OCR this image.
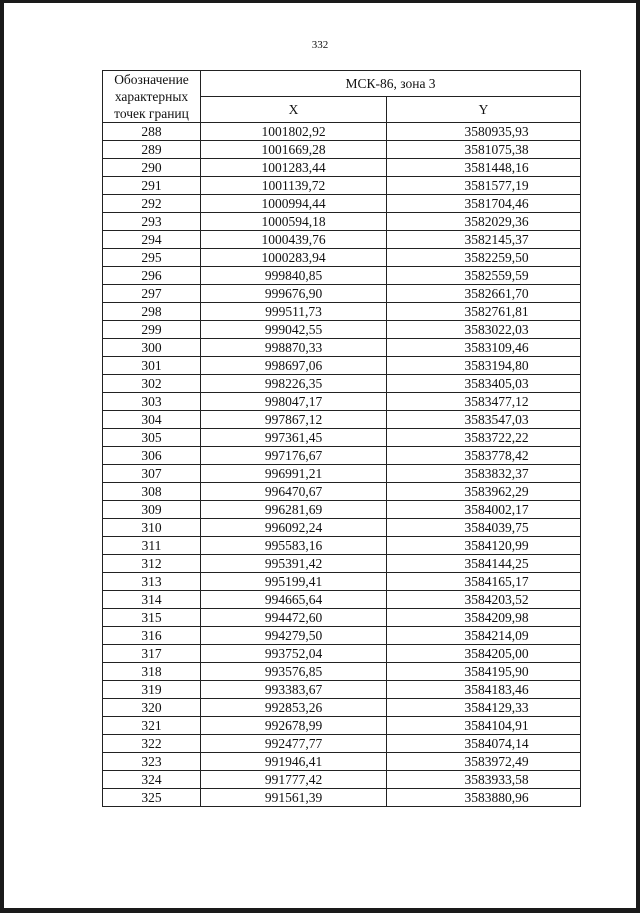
332
Обозначение
характерных
точек границ	МСК-86, зона 3	
	X	Y
288	1001802,92	3580935,93
289	1001669,28	3581075,38
290	1001283,44	3581448,16
291	1001139,72	3581577,19
292	1000994,44	3581704,46
293	1000594,18	3582029,36
294	1000439,76	3582145,37
295	1000283,94	3582259,50
296	999840,85	3582559,59
297	999676,90	3582661,70
298	999511,73	3582761,81
299	999042,55	3583022,03
300	998870,33	3583109,46
301	998697,06	3583194,80
302	998226,35	3583405,03
303	998047,17	3583477,12
304	997867,12	3583547,03
305	997361,45	3583722,22
306	997176,67	3583778,42
307	996991,21	3583832,37
308	996470,67	3583962,29
309	996281,69	3584002,17
310	996092,24	3584039,75
311	995583,16	3584120,99
312	995391,42	3584144,25
313	995199,41	3584165,17
314	994665,64	3584203,52
315	994472,60	3584209,98
316	994279,50	3584214,09
317	993752,04	3584205,00
318	993576,85	3584195,90
319	993383,67	3584183,46
320	992853,26	3584129,33
321	992678,99	3584104,91
322	992477,77	3584074,14
323	991946,41	3583972,49
324	991777,42	3583933,58
325	991561,39	3583880,96
